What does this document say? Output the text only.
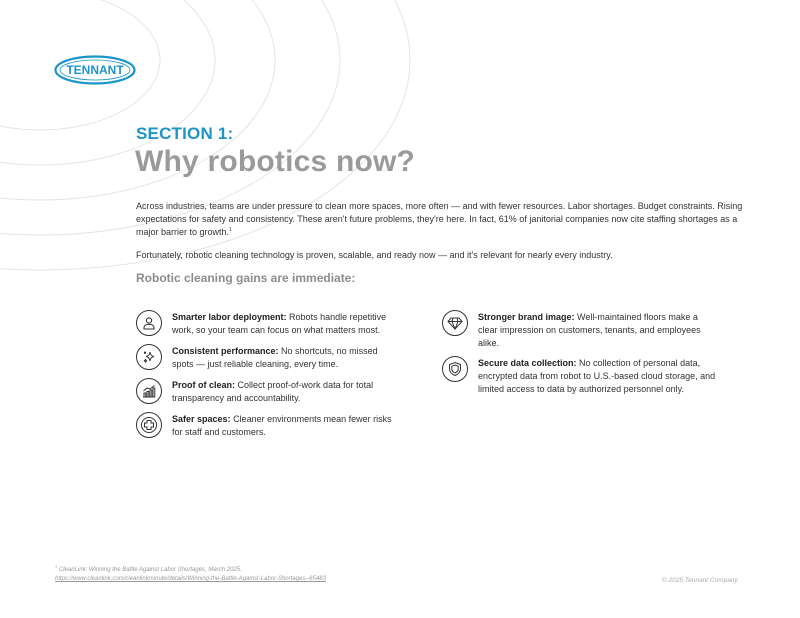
TENNANT
SECTION 1:
Why robotics now?

Across industries, teams are under pressure to clean more spaces, more often — and with fewer resources. Labor shortages. Budget constraints. Rising expectations for safety and consistency. These aren't future problems, they're here. In fact, 61% of janitorial companies now cite staffing shortages as a major barrier to growth.$^1$

Fortunately, robotic cleaning technology is proven, scalable, and ready now — and it's relevant for nearly every industry.

Robotic cleaning gains are immediate:
Smarter labor deployment: Robots handle repetitive work, so your team can focus on what matters most.
Consistent performance: No shortcuts, no missed spots — just reliable cleaning, every time.
Proof of clean: Collect proof-of-work data for total transparency and accountability.
Safer spaces: Cleaner environments mean fewer risks for staff and customers.
Stronger brand image: Well-maintained floors make a clear impression on customers, tenants, and employees alike.
Secure data collection: No collection of personal data, encrypted data from robot to U.S.-based cloud storage, and limited access to data by authorized personnel only.
$^1$ CleanLink: Winning the Battle Against Labor Shortages, March 2025.
https://www.cleanlink.com/cleanlinkminute/details/Winning-the-Battle-Against-Labor-Shortages--65483	© 2025 Tennant Company
